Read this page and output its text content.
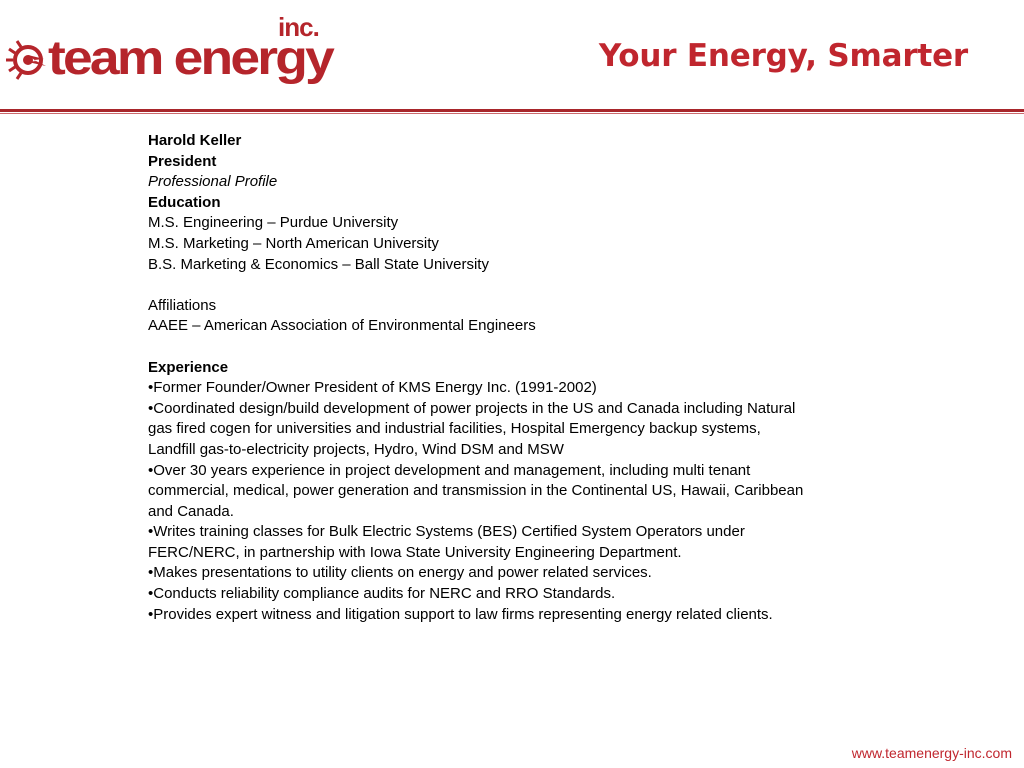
team energy
inc.
Your Energy, Smarter
Harold Keller
President
Professional Profile
Education
M.S. Engineering – Purdue University
M.S. Marketing – North American University
B.S. Marketing & Economics – Ball State University
Affiliations
AAEE – American Association of Environmental Engineers
Experience
•Former Founder/Owner President of KMS Energy Inc. (1991-2002)
•Coordinated design/build development of power projects in the US and Canada including Natural gas fired cogen for universities and industrial facilities, Hospital Emergency backup systems, Landfill gas-to-electricity projects, Hydro, Wind DSM and MSW
•Over 30 years experience in project development and management, including multi tenant commercial, medical, power generation and transmission in the Continental US, Hawaii, Caribbean and Canada.
•Writes training classes for Bulk Electric Systems (BES) Certified System Operators under FERC/NERC, in partnership with Iowa State University Engineering Department.
•Makes presentations to utility clients on energy and power related services.
•Conducts reliability compliance audits for NERC and RRO Standards.
•Provides expert witness and litigation support to law firms representing energy related clients.
www.teamenergy-inc.com
